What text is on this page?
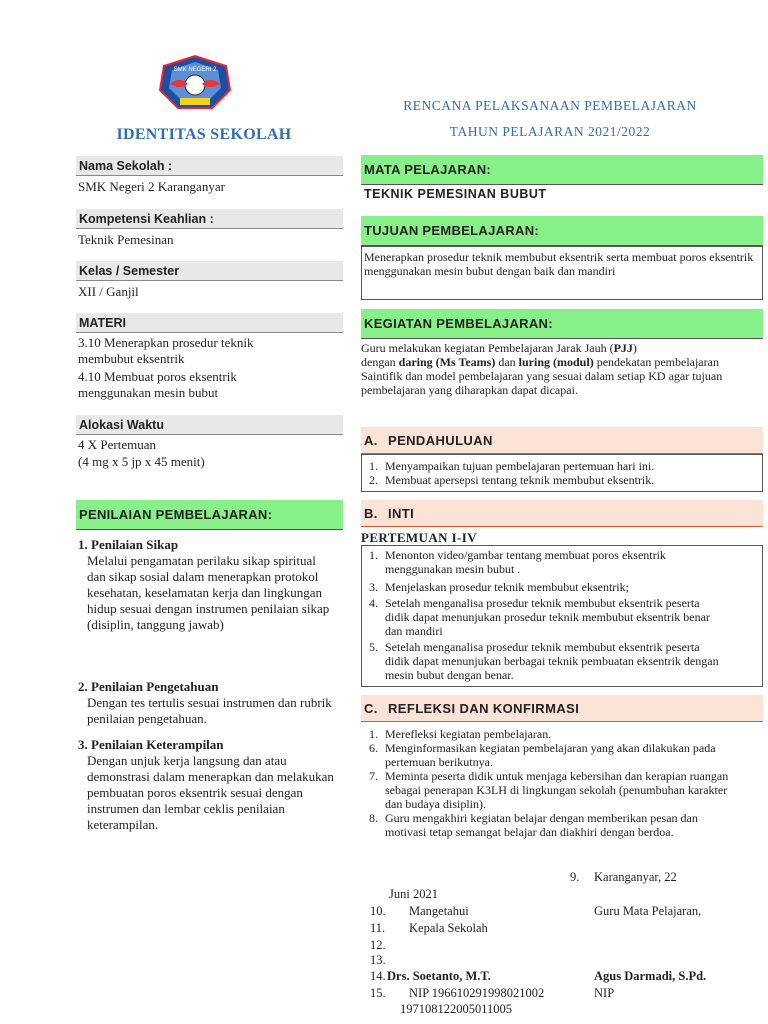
SMK NEGERI 2
IDENTITAS SEKOLAH
RENCANA PELAKSANAAN PEMBELAJARAN
TAHUN PELAJARAN 2021/2022
Nama Sekolah :
SMK Negeri 2 Karanganyar
Kompetensi Keahlian :
Teknik Pemesinan
Kelas / Semester
XII / Ganjil
MATERI
3.10 Menerapkan prosedur teknik membubut eksentrik
4.10 Membuat poros eksentrik menggunakan mesin bubut
Alokasi Waktu
4 X Pertemuan
(4 mg x 5 jp x 45 menit)
PENILAIAN PEMBELAJARAN:
1. Penilaian Sikap
Melalui pengamatan perilaku sikap spiritual dan sikap sosial dalam menerapkan protokol kesehatan, keselamatan kerja dan lingkungan hidup sesuai dengan instrumen penilaian sikap (disiplin, tanggung jawab)
2. Penilaian Pengetahuan
Dengan tes tertulis sesuai instrumen dan rubrik penilaian pengetahuan.
3. Penilaian Keterampilan
Dengan unjuk kerja langsung dan atau demonstrasi dalam menerapkan dan melakukan pembuatan poros eksentrik sesuai dengan instrumen dan lembar ceklis penilaian keterampilan.
MATA PELAJARAN:
TEKNIK PEMESINAN BUBUT
TUJUAN PEMBELAJARAN:
Menerapkan prosedur teknik membubut eksentrik serta membuat poros eksentrik menggunakan mesin bubut dengan baik dan mandiri
KEGIATAN PEMBELAJARAN:
Guru melakukan kegiatan Pembelajaran Jarak Jauh (PJJ)
dengan daring (Ms Teams) dan luring (modul) pendekatan pembelajaran Saintifik dan model pembelajaran yang sesuai dalam setiap KD agar tujuan pembelajaran yang diharapkan dapat dicapai.
A. PENDAHULUAN
1. Menyampaikan tujuan pembelajaran pertemuan hari ini.
2. Membuat apersepsi tentang teknik membubut eksentrik.
B. INTI
PERTEMUAN I-IV
1. Menonton video/gambar tentang membuat poros eksentrik menggunakan mesin bubut .
3. Menjelaskan prosedur teknik membubut eksentrik;
4. Setelah menganalisa prosedur teknik membubut eksentrik peserta didik dapat menunjukan prosedur teknik membubut eksentrik benar dan mandiri
5. Setelah menganalisa prosedur teknik membubut eksentrik peserta didik dapat menunjukan berbagai teknik pembuatan eksentrik dengan mesin bubut dengan benar.
C. REFLEKSI DAN KONFIRMASI
1. Merefleksi kegiatan pembelajaran.
6. Menginformasikan kegiatan pembelajaran yang akan dilakukan pada pertemuan berikutnya.
7. Meminta peserta didik untuk menjaga kebersihan dan kerapian ruangan sebagai penerapan K3LH di lingkungan sekolah (penumbuhan karakter dan budaya disiplin).
8. Guru mengakhiri kegiatan belajar dengan memberikan pesan dan motivasi tetap semangat belajar dan diakhiri dengan berdoa.
9. Karanganyar, 22
Juni 2021
10. Mangetahui	Guru Mata Pelajaran,
11. Kepala Sekolah
12.
13.
14. Drs. Soetanto, M.T.	Agus Darmadi, S.Pd.
15. NIP 196610291998021002	NIP
197108122005011005
